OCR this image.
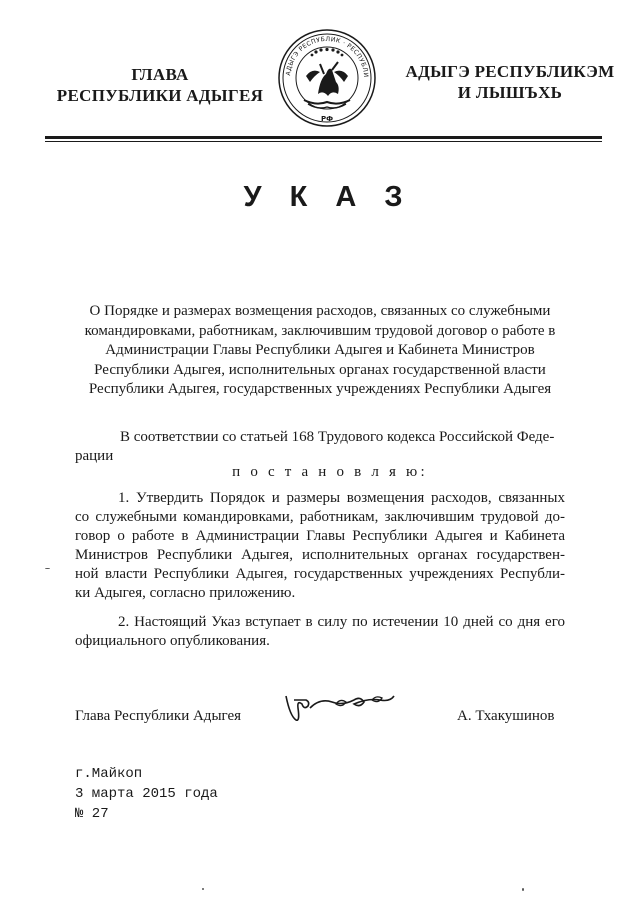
ГЛАВА
РЕСПУБЛИКИ АДЫГЕЯ
АДЫГЭ РЕСПУБЛИК · РЕСПУБЛИ
РФ
АДЫГЭ РЕСПУБЛИКЭМ
И ЛЫШЪХЬ
У К А З
О Порядке и размерах возмещения расходов, связанных со служебными
командировками, работникам, заключившим трудовой договор о работе в
Администрации Главы Республики Адыгея и Кабинета Министров
Республики Адыгея, исполнительных органах государственной власти
Республики Адыгея, государственных учреждениях Республики Адыгея
В соответствии со статьей 168 Трудового кодекса Российской Феде-
рации
п о с т а н о в л я ю:
1. Утвердить Порядок и размеры возмещения расходов, связанных
со служебными командировками, работникам, заключившим трудовой до-
говор о работе в Администрации Главы Республики Адыгея и Кабинета
Министров Республики Адыгея, исполнительных органах государствен-
ной власти Республики Адыгея, государственных учреждениях Республи-
ки Адыгея, согласно приложению.
2. Настоящий Указ вступает в силу по истечении 10 дней со дня его
официального опубликования.
Глава Республики Адыгея	А. Тхакушинов
г.Майкоп
3 марта 2015 года
№ 27
